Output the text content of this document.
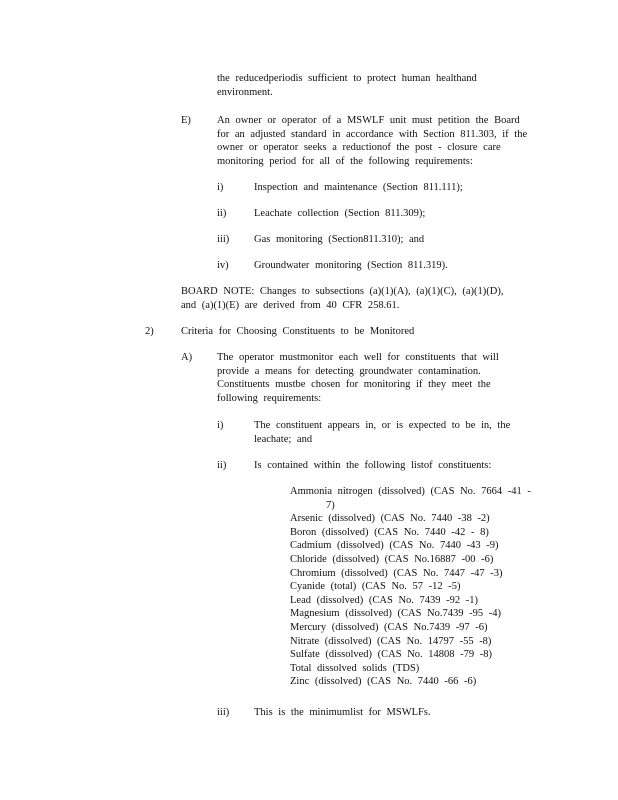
the reducedperiodis sufficient to protect human healthand
environment.
E) An owner or operator of a MSWLF unit must petition the Board
for an adjusted standard in accordance with Section 811.303, if the
owner or operator seeks a reductionof the post - closure care
monitoring period for all of the following requirements:
i)	Inspection and maintenance (Section 811.111);
ii)	Leachate collection (Section 811.309);
iii) Gas monitoring (Section811.310); and
iv) Groundwater monitoring (Section 811.319).
BOARD NOTE: Changes to subsections (a)(1)(A), (a)(1)(C), (a)(1)(D),
and (a)(1)(E) are derived from 40 CFR 258.61.
2)	Criteria for Choosing Constituents to be Monitored
A) The operator mustmonitor each well for constituents that will
provide a means for detecting groundwater contamination.
Constituents mustbe chosen for monitoring if they meet the
following requirements:
i)	The constituent appears in, or is expected to be in, the
leachate; and
ii)	Is contained within the following listof constituents:
Ammonia nitrogen (dissolved) (CAS No. 7664 -41 -
7)
Arsenic (dissolved) (CAS No. 7440 -38 -2)
Boron (dissolved) (CAS No. 7440 -42 - 8)
Cadmium (dissolved) (CAS No. 7440 -43 -9)
Chloride (dissolved) (CAS No.16887 -00 -6)
Chromium (dissolved) (CAS No. 7447 -47 -3)
Cyanide (total) (CAS No. 57 -12 -5)
Lead (dissolved) (CAS No. 7439 -92 -1)
Magnesium (dissolved) (CAS No.7439 -95 -4)
Mercury (dissolved) (CAS No.7439 -97 -6)
Nitrate (dissolved) (CAS No. 14797 -55 -8)
Sulfate (dissolved) (CAS No. 14808 -79 -8)
Total dissolved solids (TDS)
Zinc (dissolved) (CAS No. 7440 -66 -6)
iii) This is the minimumlist for MSWLFs.
